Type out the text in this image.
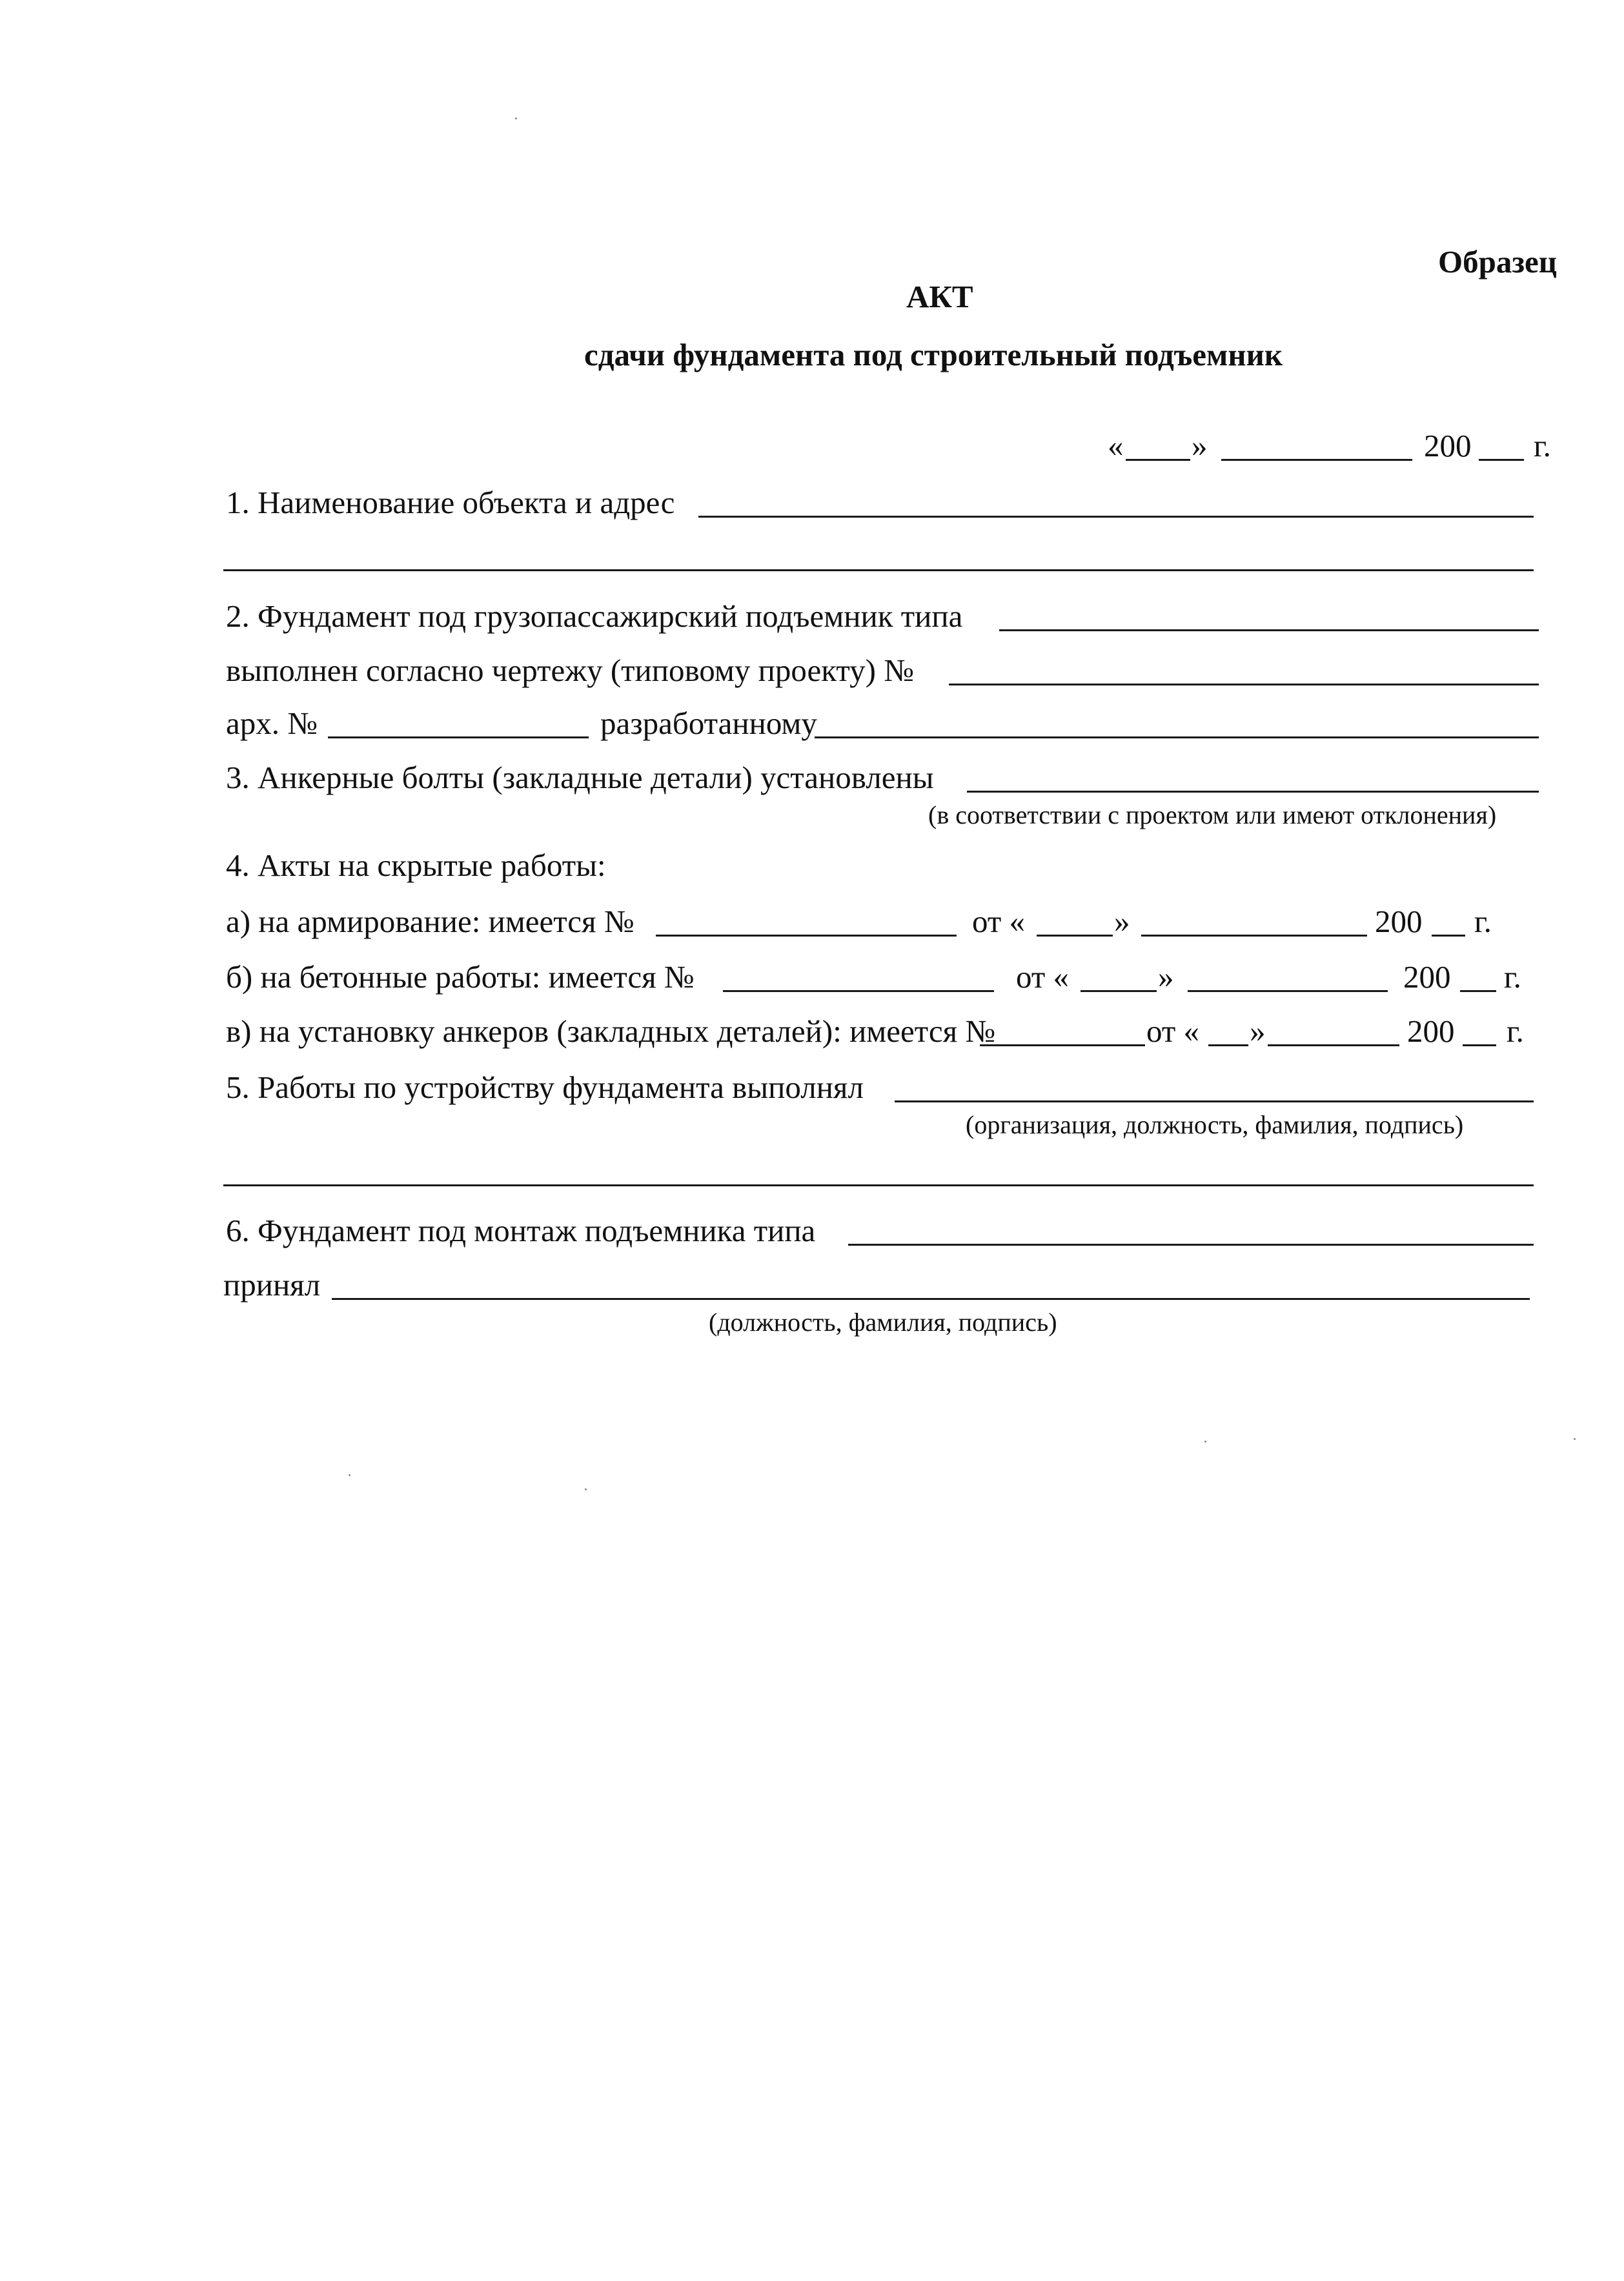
Образец
АКТ
сдачи фундамента под строительный подъемник
« »	200 г.
1. Наименование объекта и адрес
2. Фундамент под грузопассажирский подъемник типа
выполнен согласно чертежу (типовому проекту) №
арх. №	разработанному
3. Анкерные болты (закладные детали) установлены
(в соответствии с проектом или имеют отклонения)
4. Акты на скрытые работы:
а) на армирование: имеется №	от «	»	200 г.
б) на бетонные работы: имеется №	от «	»	200 г.
в) на установку анкеров (закладных деталей): имеется №	от « »	200 г.
5. Работы по устройству фундамента выполнял
(организация, должность, фамилия, подпись)
6. Фундамент под монтаж подъемника типа
принял
(должность, фамилия, подпись)
